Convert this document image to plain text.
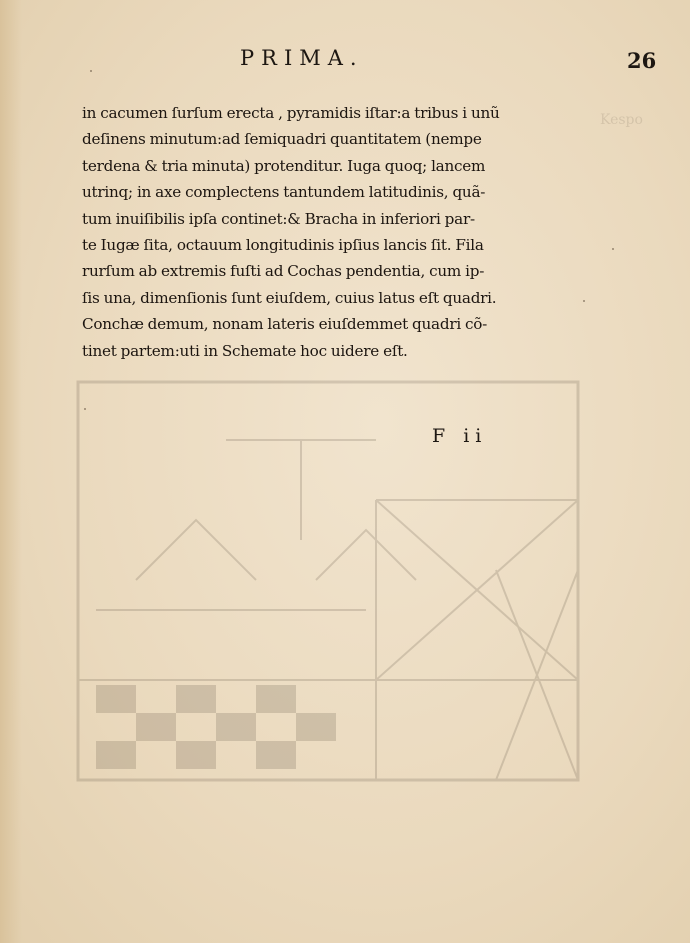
Kespo
PRIMA.	26
in cacumen ſurſum erecta , pyramidis iſtar:a tribus i unũ
deſinens minutum:ad ſemiquadri quantitatem (nempe
terdena & tria minuta) protenditur. Iuga quoq; lancem
utrinq; in axe complectens tantundem latitudinis, quã-
tum inuiſibilis ipſa continet:& Bracha in inferiori par-
te Iugæ ſita, octauum longitudinis ipſius lancis ſit. Fila
rurſum ab extremis fuſti ad Cochas pendentia, cum ip-
ſis una, dimenſionis ſunt eiuſdem, cuius latus eſt quadri.
Conchæ demum, nonam lateris eiuſdemmet quadri cõ-
tinet partem:uti in Schemate hoc uidere eſt.
F ii
